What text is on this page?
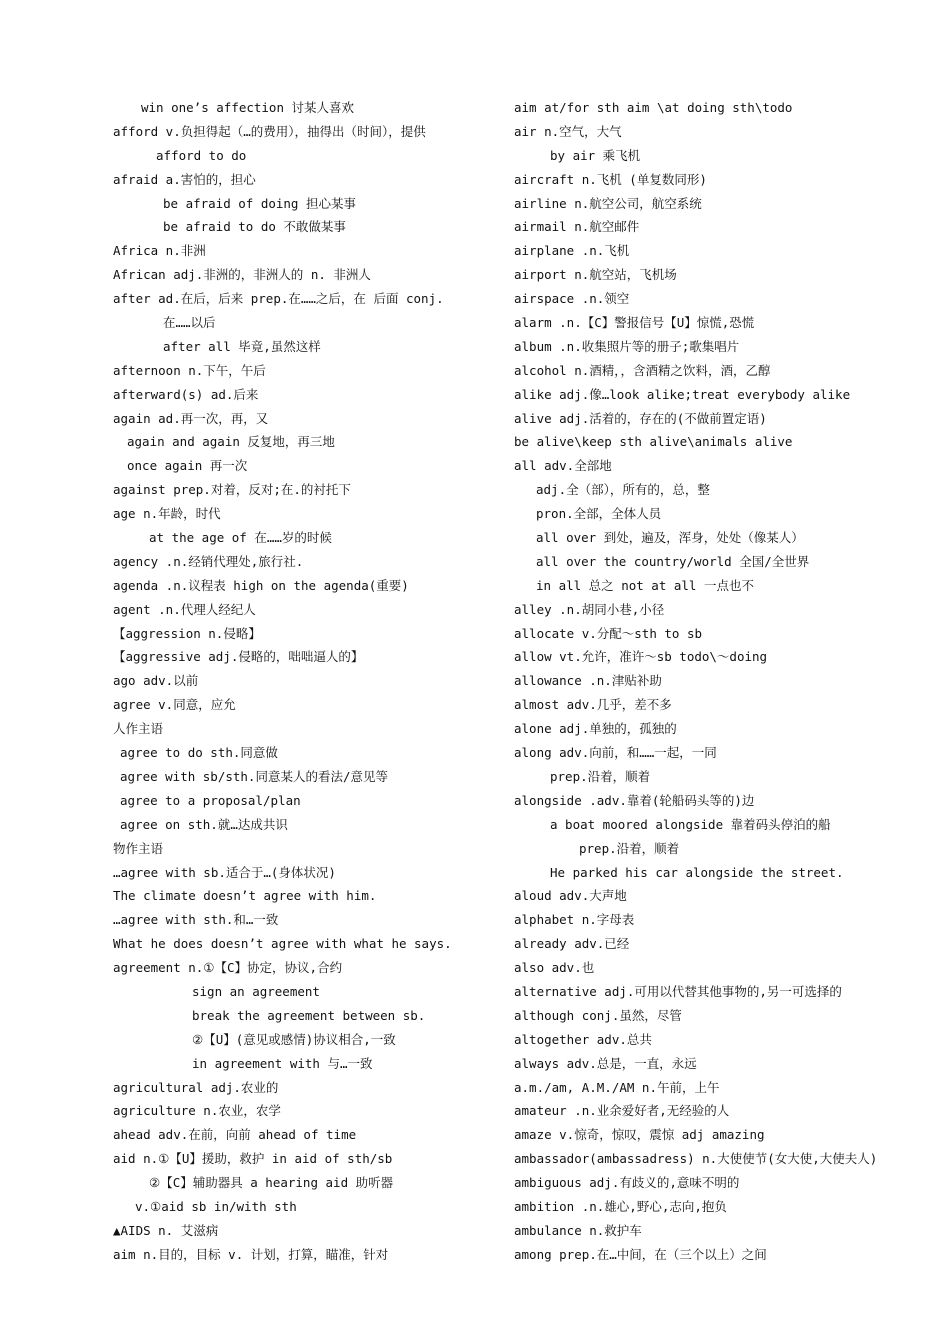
win one’s affection 讨某人喜欢
afford v.负担得起（…的费用），抽得出（时间），提供
afford to do
afraid a.害怕的，担心
be afraid of doing 担心某事
be afraid to do 不敢做某事
Africa n.非洲
African adj.非洲的，非洲人的 n. 非洲人
after ad.在后，后来 prep.在……之后，在 后面 conj.
在……以后
after all 毕竟,虽然这样
afternoon n.下午，午后
afterward(s) ad.后来
again ad.再一次，再，又
again and again 反复地，再三地
once again 再一次
against prep.对着，反对;在.的衬托下
age n.年龄，时代
at the age of 在……岁的时候
agency .n.经销代理处,旅行社.
agenda .n.议程表 high on the agenda(重要)
agent .n.代理人经纪人
【aggression n.侵略】
【aggressive adj.侵略的，咄咄逼人的】
ago adv.以前
agree v.同意，应允
人作主语
agree to do sth.同意做
agree with sb/sth.同意某人的看法/意见等
agree to a proposal/plan
agree on sth.就…达成共识
物作主语
…agree with sb.适合于…(身体状况)
The climate doesn’t agree with him.
…agree with sth.和…一致
What he does doesn’t agree with what he says.
agreement n.①【C】协定，协议,合约
sign an agreement
break the agreement between sb.
②【U】(意见或感情)协议相合,一致
in agreement with 与…一致
agricultural adj.农业的
agriculture n.农业，农学
ahead adv.在前，向前 ahead of time
aid n.①【U】援助，救护 in aid of sth/sb
②【C】辅助器具 a hearing aid 助听器
v.①aid sb in/with sth
▲AIDS n. 艾滋病
aim n.目的，目标 v. 计划，打算，瞄准，针对
aim at/for sth aim \at doing sth\todo
air n.空气，大气
by air 乘飞机
aircraft n.飞机 (单复数同形)
airline n.航空公司，航空系统
airmail n.航空邮件
airplane .n.飞机
airport n.航空站，飞机场
airspace .n.领空
alarm .n.【C】警报信号【U】惊慌,恐慌
album .n.收集照片等的册子;歌集唱片
alcohol n.酒精，，含酒精之饮料，酒，乙醇
alike adj.像…look alike;treat everybody alike
alive adj.活着的，存在的(不做前置定语)
be alive\keep sth alive\animals alive
all adv.全部地
adj.全（部），所有的，总，整
pron.全部，全体人员
all over 到处，遍及，浑身，处处（像某人）
all over the country/world 全国/全世界
in all 总之 not at all 一点也不
alley .n.胡同小巷,小径
allocate v.分配～sth to sb
allow vt.允许，准许～sb todo\～doing
allowance .n.津贴补助
almost adv.几乎，差不多
alone adj.单独的，孤独的
along adv.向前，和……一起，一同
prep.沿着，顺着
alongside .adv.靠着(轮船码头等的)边
a boat moored alongside 靠着码头停泊的船
prep.沿着，顺着
He parked his car alongside the street.
aloud adv.大声地
alphabet n.字母表
already adv.已经
also adv.也
alternative adj.可用以代替其他事物的,另一可选择的
although conj.虽然，尽管
altogether adv.总共
always adv.总是，一直，永远
a.m./am, A.M./AM n.午前，上午
amateur .n.业余爱好者,无经验的人
amaze v.惊奇，惊叹，震惊 adj amazing
ambassador(ambassadress) n.大使使节(女大使,大使夫人)
ambiguous adj.有歧义的,意味不明的
ambition .n.雄心,野心,志向,抱负
ambulance n.救护车
among prep.在…中间，在（三个以上）之间
